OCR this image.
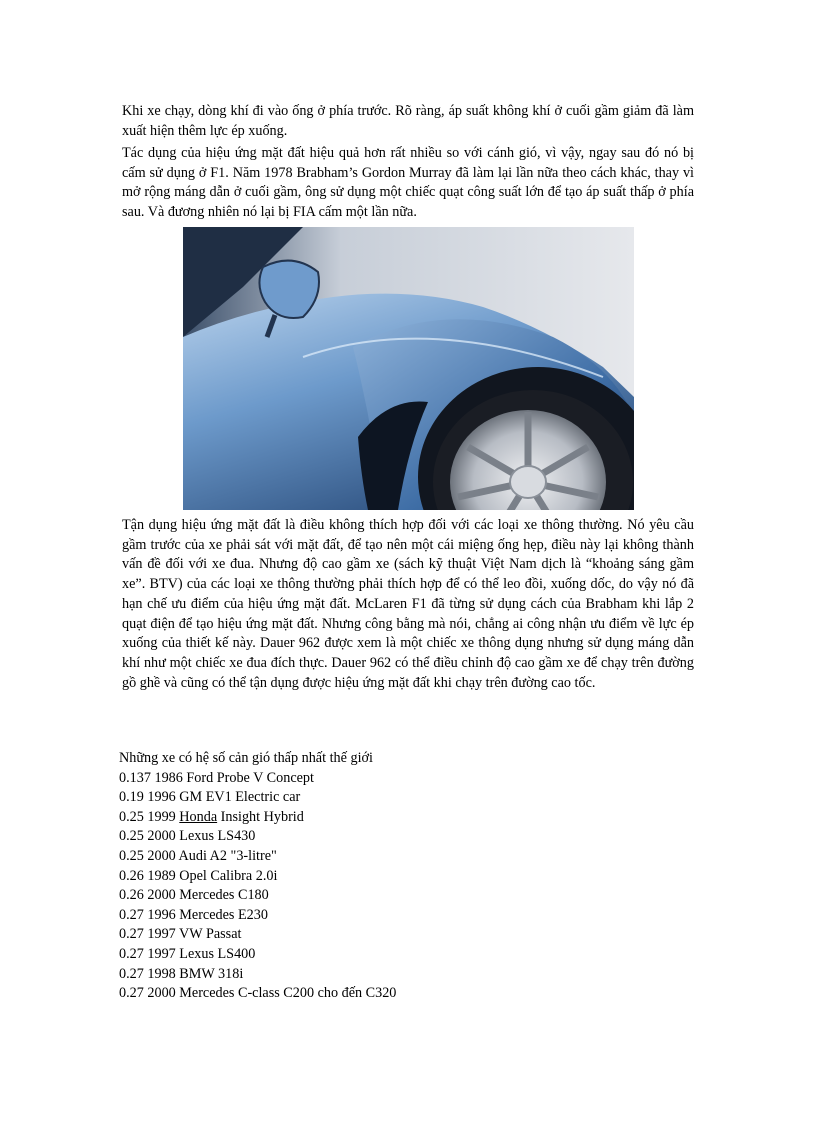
Khi xe chạy, dòng khí đi vào ống ở phía trước. Rõ ràng, áp suất không khí ở cuối gầm giảm đã làm xuất hiện thêm lực ép xuống.

Tác dụng của hiệu ứng mặt đất hiệu quả hơn rất nhiều so với cánh gió, vì vậy, ngay sau đó nó bị cấm sử dụng ở F1. Năm 1978 Brabham’s Gordon Murray đã làm lại lần nữa theo cách khác, thay vì mở rộng máng dẫn ở cuối gầm, ông sử dụng một chiếc quạt công suất lớn để tạo áp suất thấp ở phía sau. Và đương nhiên nó lại bị FIA cấm một lần nữa.

Tận dụng hiệu ứng mặt đất là điều không thích hợp đối với các loại xe thông thường. Nó yêu cầu gầm trước của xe phải sát với mặt đất, để tạo nên một cái miệng ống hẹp, điều này lại không thành vấn đề đối với xe đua. Nhưng độ cao gầm xe (sách kỹ thuật Việt Nam dịch là “khoảng sáng gầm xe”. BTV) của các loại xe thông thường phải thích hợp để có thể leo đồi, xuống dốc, do vậy nó đã hạn chế ưu điểm của hiệu ứng mặt đất. McLaren F1 đã từng sử dụng cách của Brabham khi lắp 2 quạt điện để tạo hiệu ứng mặt đất. Nhưng công bằng mà nói, chẳng ai công nhận ưu điểm về lực ép xuống của thiết kế này. Dauer 962 được xem là một chiếc xe thông dụng nhưng sử dụng máng dẫn khí như một chiếc xe đua đích thực. Dauer 962 có thể điều chỉnh độ cao gầm xe để chạy trên đường gồ ghề và cũng có thể tận dụng được hiệu ứng mặt đất khi chạy trên đường cao tốc.

Những xe có hệ số cản gió thấp nhất thế giới
0.137 1986 Ford Probe V Concept
0.19 1996 GM EV1 Electric car
0.25 1999 Honda Insight Hybrid
0.25 2000 Lexus LS430
0.25 2000 Audi A2 "3-litre"
0.26 1989 Opel Calibra 2.0i
0.26 2000 Mercedes C180
0.27 1996 Mercedes E230
0.27 1997 VW Passat
0.27 1997 Lexus LS400
0.27 1998 BMW 318i
0.27 2000 Mercedes C-class C200 cho đến C320
